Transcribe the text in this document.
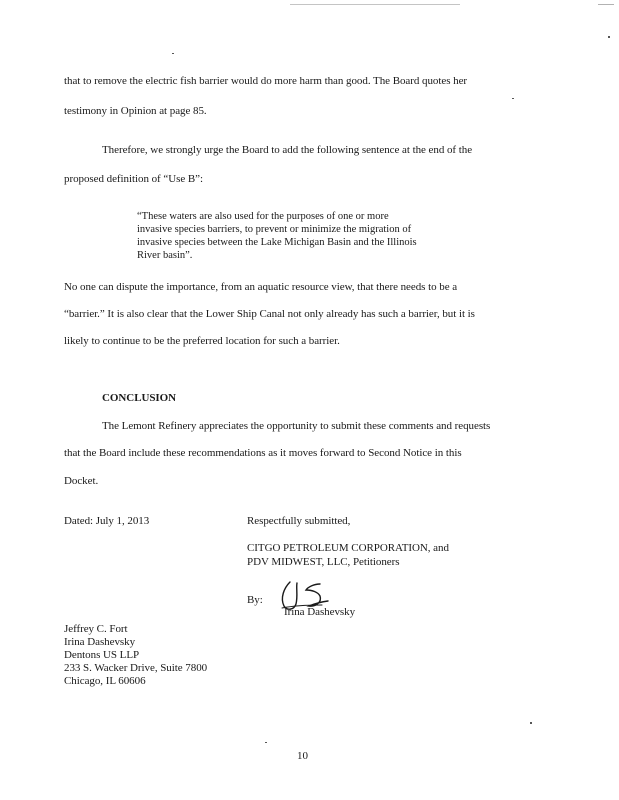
that to remove the electric fish barrier would do more harm than good. The Board quotes her
testimony in Opinion at page 85.
Therefore, we strongly urge the Board to add the following sentence at the end of the
proposed definition of “Use B”:
“These waters are also used for the purposes of one or more
invasive species barriers, to prevent or minimize the migration of
invasive species between the Lake Michigan Basin and the Illinois
River basin”.
No one can dispute the importance, from an aquatic resource view, that there needs to be a
“barrier.” It is also clear that the Lower Ship Canal not only already has such a barrier, but it is
likely to continue to be the preferred location for such a barrier.
CONCLUSION
The Lemont Refinery appreciates the opportunity to submit these comments and requests
that the Board include these recommendations as it moves forward to Second Notice in this
Docket.
Dated: July 1, 2013	Respectfully submitted,
CITGO PETROLEUM CORPORATION, and
PDV MIDWEST, LLC, Petitioners
By:
Irina Dashevsky
Jeffrey C. Fort
Irina Dashevsky
Dentons US LLP
233 S. Wacker Drive, Suite 7800
Chicago, IL 60606
10
